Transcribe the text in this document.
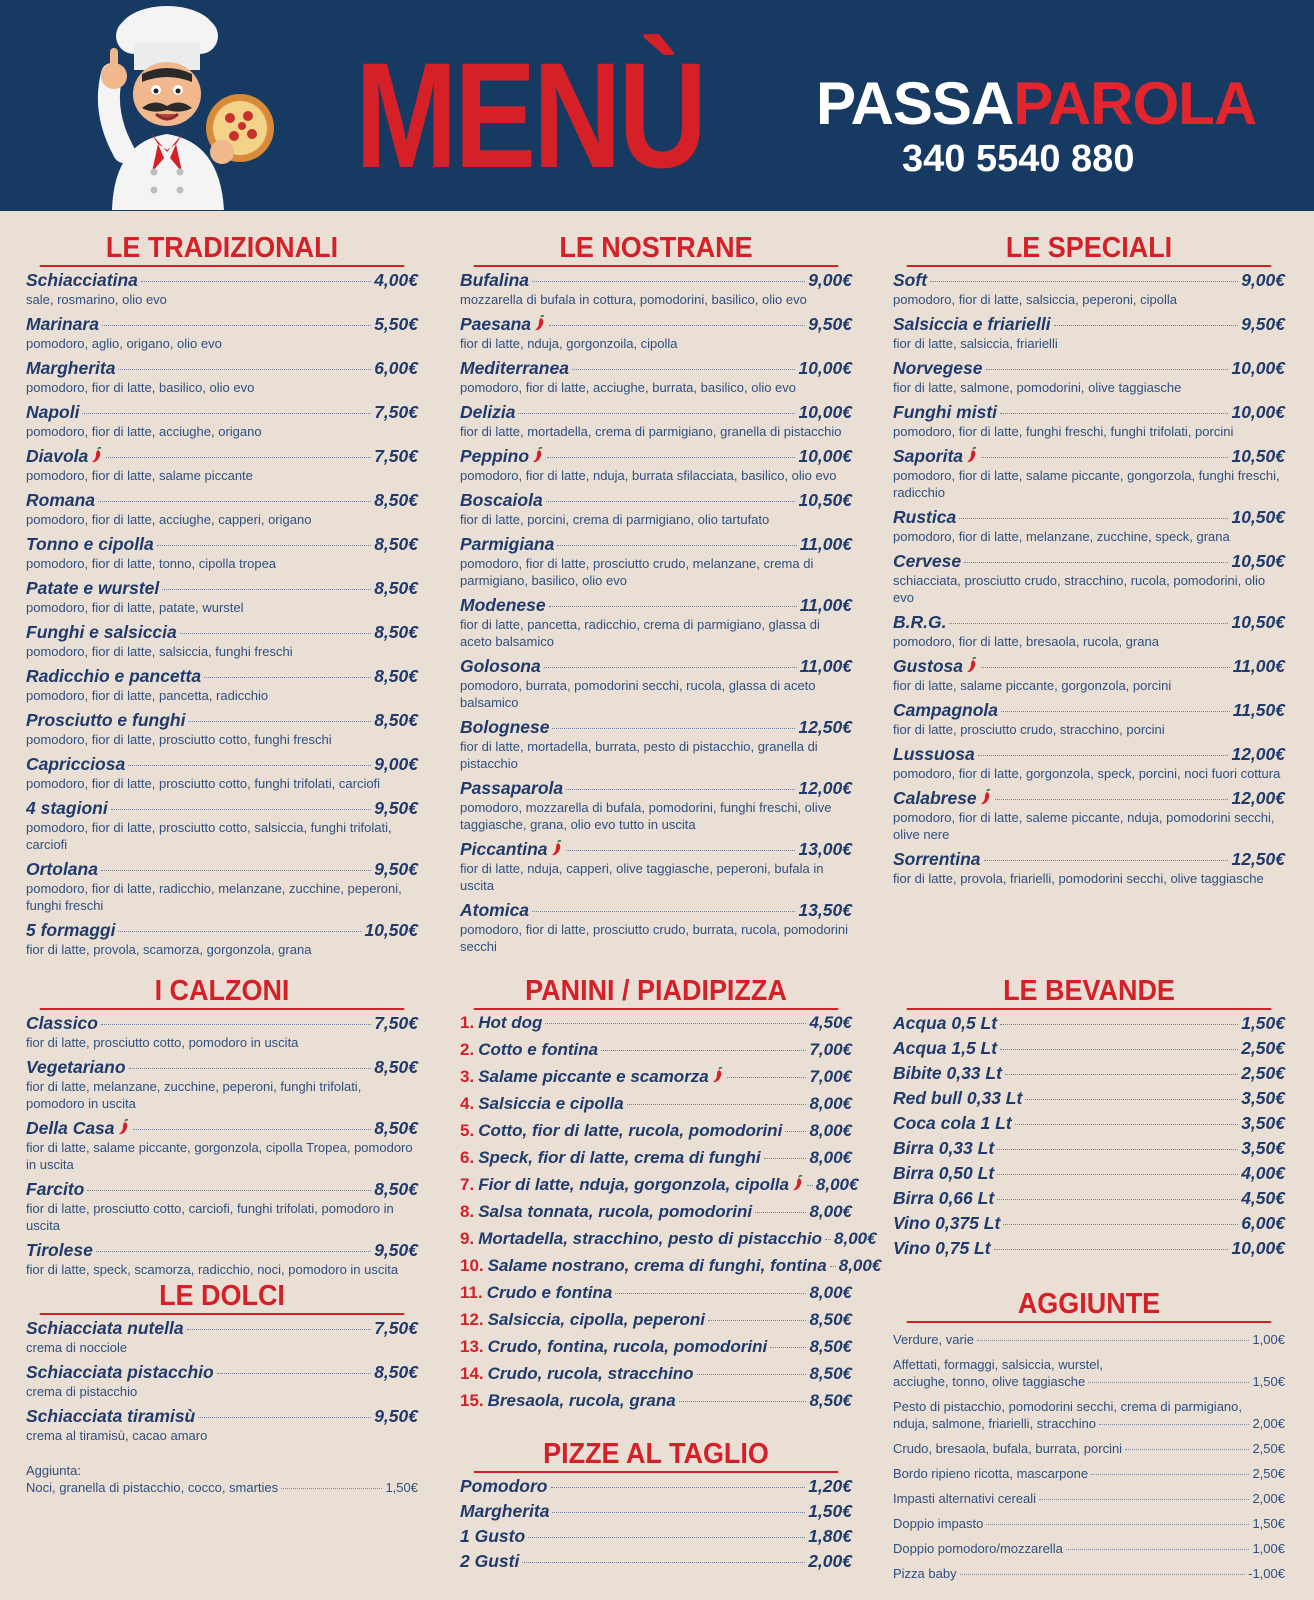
MENÙ PASSAPAROLA
340 5540 880
LE TRADIZIONALI
Schiacciatina	4,00€
sale, rosmarino, olio evo
Marinara	5,50€
pomodoro, aglio, origano, olio evo
Margherita	6,00€
pomodoro, fior di latte, basilico, olio evo
Napoli	7,50€
pomodoro, fior di latte, acciughe, origano
Diavola	7,50€
pomodoro, fior di latte, salame piccante
Romana	8,50€
pomodoro, fior di latte, acciughe, capperi, origano
Tonno e cipolla	8,50€
pomodoro, fior di latte, tonno, cipolla tropea
Patate e wurstel	8,50€
pomodoro, fior di latte, patate, wurstel
Funghi e salsiccia	8,50€
pomodoro, fior di latte, salsiccia, funghi freschi
Radicchio e pancetta	8,50€
pomodoro, fior di latte, pancetta, radicchio
Prosciutto e funghi	8,50€
pomodoro, fior di latte, prosciutto cotto, funghi freschi
Capricciosa	9,00€
pomodoro, fior di latte, prosciutto cotto, funghi trifolati, carciofi
4 stagioni	9,50€
pomodoro, fior di latte, prosciutto cotto, salsiccia, funghi trifolati, carciofi
Ortolana	9,50€
pomodoro, fior di latte, radicchio, melanzane, zucchine, peperoni, funghi freschi
5 formaggi	10,50€
fior di latte, provola, scamorza, gorgonzola, grana
LE NOSTRANE
Bufalina	9,00€
mozzarella di bufala in cottura, pomodorini, basilico, olio evo
Paesana	9,50€
fior di latte, nduja, gorgonzoila, cipolla
Mediterranea	10,00€
pomodoro, fior di latte, acciughe, burrata, basilico, olio evo
Delizia	10,00€
fior di latte, mortadella, crema di parmigiano, granella di pistacchio
Peppino	10,00€
pomodoro, fior di latte, nduja, burrata sfilacciata, basilico, olio evo
Boscaiola	10,50€
fior di latte, porcini, crema di parmigiano, olio tartufato
Parmigiana	11,00€
pomodoro, fior di latte, prosciutto crudo, melanzane, crema di parmigiano, basilico, olio evo
Modenese	11,00€
fior di latte, pancetta, radicchio, crema di parmigiano, glassa di aceto balsamico
Golosona	11,00€
pomodoro, burrata, pomodorini secchi, rucola, glassa di aceto balsamico
Bolognese	12,50€
fior di latte, mortadella, burrata, pesto di pistacchio, granella di pistacchio
Passaparola	12,00€
pomodoro, mozzarella di bufala, pomodorini, funghi freschi, olive taggiasche, grana, olio evo tutto in uscita
Piccantina	13,00€
fior di latte, nduja, capperi, olive taggiasche, peperoni, bufala in uscita
Atomica	13,50€
pomodoro, fior di latte, prosciutto crudo, burrata, rucola, pomodorini secchi
LE SPECIALI
Soft	9,00€
pomodoro, fior di latte, salsiccia, peperoni, cipolla
Salsiccia e friarielli	9,50€
fior di latte, salsiccia, friarielli
Norvegese	10,00€
fior di latte, salmone, pomodorini, olive taggiasche
Funghi misti	10,00€
pomodoro, fior di latte, funghi freschi, funghi trifolati, porcini
Saporita	10,50€
pomodoro, fior di latte, salame piccante, gongorzola, funghi freschi, radicchio
Rustica	10,50€
pomodoro, fior di latte, melanzane, zucchine, speck, grana
Cervese	10,50€
schiacciata, prosciutto crudo, stracchino, rucola, pomodorini, olio evo
B.R.G.	10,50€
pomodoro, fior di latte, bresaola, rucola, grana
Gustosa	11,00€
fior di latte, salame piccante, gorgonzola, porcini
Campagnola	11,50€
fior di latte, prosciutto crudo, stracchino, porcini
Lussuosa	12,00€
pomodoro, fior di latte, gorgonzola, speck, porcini, noci fuori cottura
Calabrese	12,00€
pomodoro, fior di latte, saleme piccante, nduja, pomodorini secchi, olive nere
Sorrentina	12,50€
fior di latte, provola, friarielli, pomodorini secchi, olive taggiasche
I CALZONI
Classico	7,50€
fior di latte, prosciutto cotto, pomodoro in uscita
Vegetariano	8,50€
fior di latte, melanzane, zucchine, peperoni, funghi trifolati, pomodoro in uscita
Della Casa	8,50€
fior di latte, salame piccante, gorgonzola, cipolla Tropea, pomodoro in uscita
Farcito	8,50€
fior di latte, prosciutto cotto, carciofi, funghi trifolati, pomodoro in uscita
Tirolese	9,50€
fior di latte, speck, scamorza, radicchio, noci, pomodoro in uscita
LE DOLCI
Schiacciata nutella	7,50€
crema di nocciole
Schiacciata pistacchio	8,50€
crema di pistacchio
Schiacciata tiramisù	9,50€
crema al tiramisù, cacao amaro
Aggiunta:
Noci, granella di pistacchio, cocco, smarties	1,50€
PANINI / PIADIPIZZA
1. Hot dog	4,50€
2. Cotto e fontina	7,00€
3. Salame piccante e scamorza	7,00€
4. Salsiccia e cipolla	8,00€
5. Cotto, fior di latte, rucola, pomodorini 8,00€
6. Speck, fior di latte, crema di funghi	8,00€
7. Fior di latte, nduja, gorgonzola, cipolla	8,00€
8. Salsa tonnata, rucola, pomodorini	8,00€
9. Mortadella, stracchino, pesto di pistacchio 8,00€
10. Salame nostrano, crema di funghi, fontina 8,00€
11. Crudo e fontina	8,00€
12. Salsiccia, cipolla, peperoni	8,50€
13. Crudo, fontina, rucola, pomodorini 8,50€
14. Crudo, rucola, stracchino	8,50€
15. Bresaola, rucola, grana	8,50€
PIZZE AL TAGLIO
Pomodoro	1,20€
Margherita	1,50€
1 Gusto	1,80€
2 Gusti	2,00€
LE BEVANDE
Acqua 0,5 Lt	1,50€
Acqua 1,5 Lt	2,50€
Bibite 0,33 Lt	2,50€
Red bull 0,33 Lt	3,50€
Coca cola 1 Lt	3,50€
Birra 0,33 Lt	3,50€
Birra 0,50 Lt	4,00€
Birra 0,66 Lt	4,50€
Vino 0,375 Lt	6,00€
Vino 0,75 Lt	10,00€
AGGIUNTE
Verdure, varie	1,00€
Affettati, formaggi, salsiccia, wurstel,
acciughe, tonno, olive taggiasche	1,50€
Pesto di pistacchio, pomodorini secchi, crema di parmigiano,
nduja, salmone, friarielli, stracchino	2,00€
Crudo, bresaola, bufala, burrata, porcini	2,50€
Bordo ripieno ricotta, mascarpone	2,50€
Impasti alternativi cereali	2,00€
Doppio impasto	1,50€
Doppio pomodoro/mozzarella	1,00€
Pizza baby	-1,00€
